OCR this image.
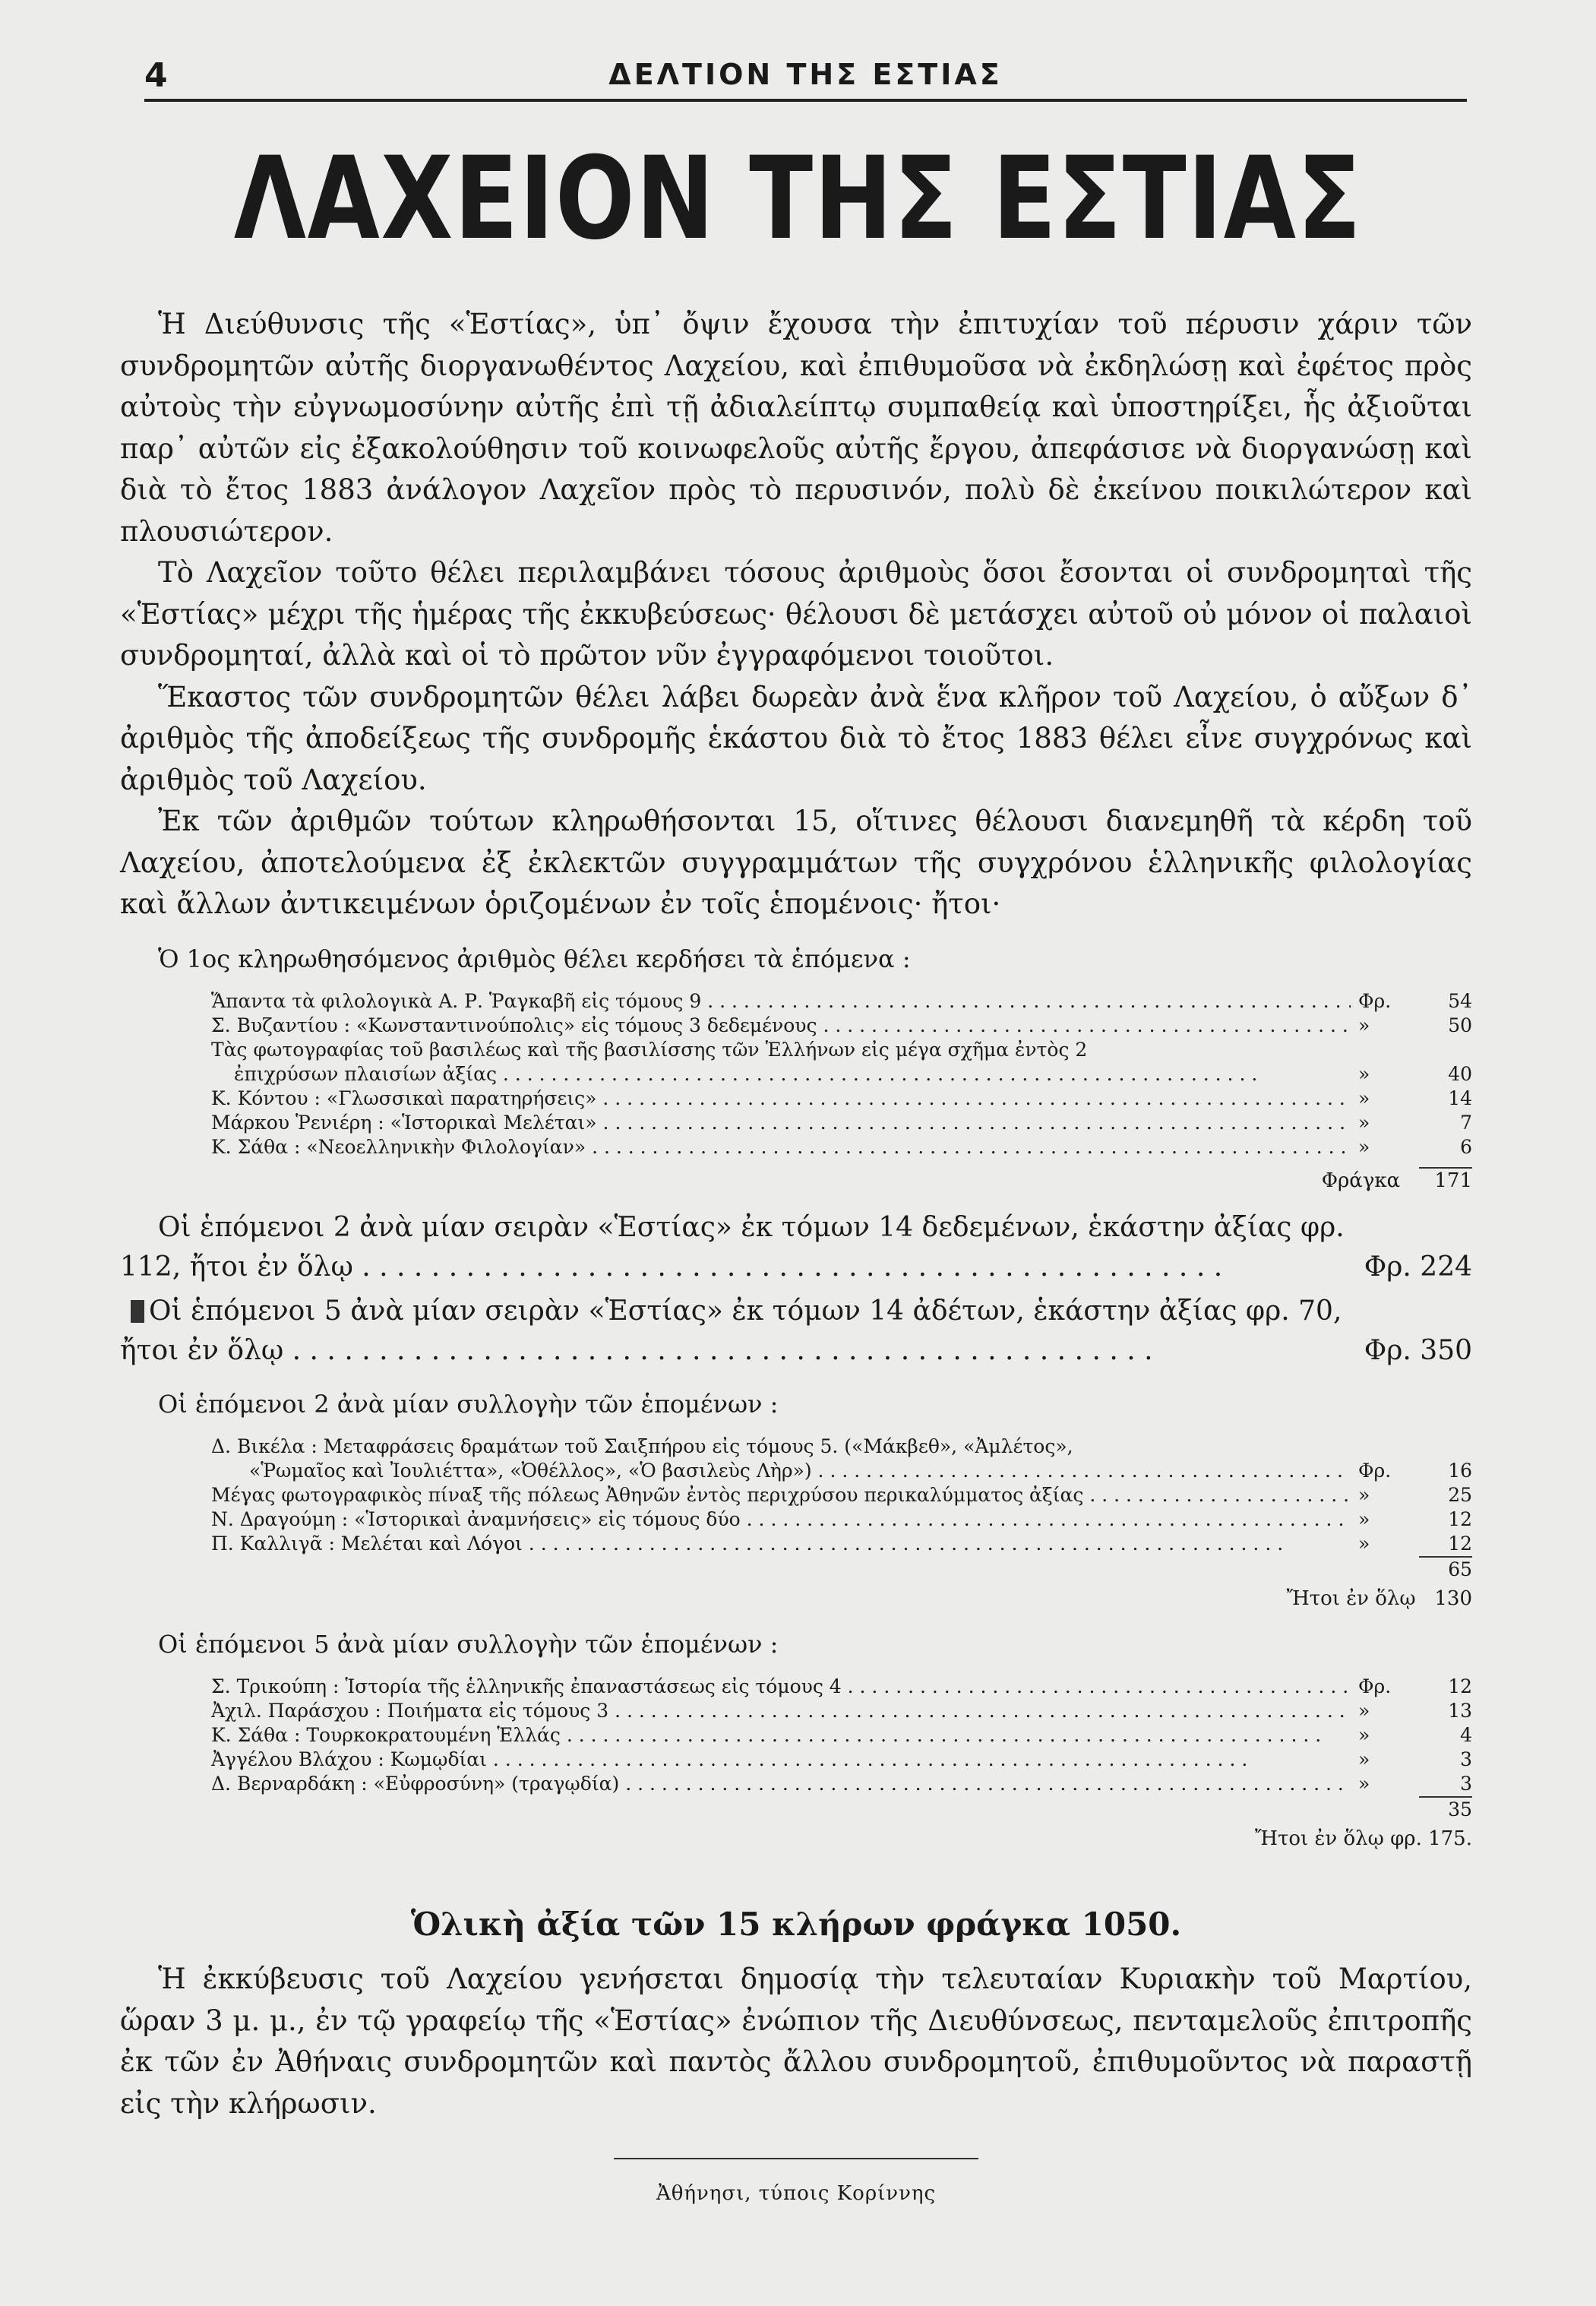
4	ΔΕΛΤΙΟΝ ΤΗΣ ΕΣΤΙΑΣ
ΛΑΧΕΙΟΝ ΤΗΣ ΕΣΤΙΑΣ

Ἡ Διεύθυνσις τῆς «Ἑστίας», ὑπ᾽ ὄψιν ἔχουσα τὴν ἐπιτυχίαν τοῦ πέρυσιν χάριν τῶν συνδρομητῶν αὐτῆς διοργανωθέντος Λαχείου, καὶ ἐπιθυμοῦσα νὰ ἐκδηλώσῃ καὶ ἐφέτος πρὸς αὐτοὺς τὴν εὐγνωμοσύνην αὐτῆς ἐπὶ τῇ ἀδιαλείπτῳ συμπαθείᾳ καὶ ὑποστηρίξει, ἧς ἀξιοῦται παρ᾽ αὐτῶν εἰς ἐξακολούθησιν τοῦ κοινωφελοῦς αὐτῆς ἔργου, ἀπεφάσισε νὰ διοργανώσῃ καὶ διὰ τὸ ἔτος 1883 ἀνάλογον Λαχεῖον πρὸς τὸ περυσινόν, πολὺ δὲ ἐκείνου ποικιλώτερον καὶ πλουσιώτερον.

Τὸ Λαχεῖον τοῦτο θέλει περιλαμβάνει τόσους ἀριθμοὺς ὅσοι ἔσονται οἱ συνδρομηταὶ τῆς «Ἑστίας» μέχρι τῆς ἡμέρας τῆς ἐκκυβεύσεως· θέλουσι δὲ μετάσχει αὐτοῦ οὐ μόνον οἱ παλαιοὶ συνδρομηταί, ἀλλὰ καὶ οἱ τὸ πρῶτον νῦν ἐγγραφόμενοι τοιοῦτοι.

Ἕκαστος τῶν συνδρομητῶν θέλει λάβει δωρεὰν ἀνὰ ἕνα κλῆρον τοῦ Λαχείου, ὁ αὔξων δ᾽ ἀριθμὸς τῆς ἀποδείξεως τῆς συνδρομῆς ἑκάστου διὰ τὸ ἔτος 1883 θέλει εἶνε συγχρόνως καὶ ἀριθμὸς τοῦ Λαχείου.

Ἐκ τῶν ἀριθμῶν τούτων κληρωθήσονται 15, οἵτινες θέλουσι διανεμηθῆ τὰ κέρδη τοῦ Λαχείου, ἀποτελούμενα ἐξ ἐκλεκτῶν συγγραμμάτων τῆς συγχρόνου ἑλληνικῆς φιλολογίας καὶ ἄλλων ἀντικειμένων ὁριζομένων ἐν τοῖς ἑπομένοις· ἤτοι·

Ὁ 1ος κληρωθησόμενος ἀριθμὸς θέλει κερδήσει τὰ ἑπόμενα :
Ἅπαντα τὰ φιλολογικὰ Α. Ρ. Ῥαγκαβῆ εἰς τόμους 9 . . .	Φρ.	54
Σ. Βυζαντίου : «Κωνσταντινούπολις» εἰς τόμους 3 δεδεμένους . . .	»	50
Τὰς φωτογραφίας τοῦ βασιλέως καὶ τῆς βασιλίσσης τῶν Ἑλλήνων εἰς μέγα σχῆμα ἐντὸς 2
ἐπιχρύσων πλαισίων ἀξίας . . .	»	40
Κ. Κόντου : «Γλωσσικαὶ παρατηρήσεις» . . .	»	14
Μάρκου Ῥενιέρη : «Ἱστορικαὶ Μελέται» . . .	»	7
Κ. Σάθα : «Νεοελληνικὴν Φιλολογίαν» . . .	»	6
Φράγκα 171
Οἱ ἑπόμενοι 2 ἀνὰ μίαν σειρὰν «Ἑστίας» ἐκ τόμων 14 δεδεμένων, ἑκάστην ἀξίας φρ.
112, ἤτοι ἐν ὅλῳ . . .	Φρ. 224
Οἱ ἑπόμενοι 5 ἀνὰ μίαν σειρὰν «Ἑστίας» ἐκ τόμων 14 ἀδέτων, ἑκάστην ἀξίας φρ. 70,
ἤτοι ἐν ὅλῳ . . .	Φρ. 350
Οἱ ἑπόμενοι 2 ἀνὰ μίαν συλλογὴν τῶν ἑπομένων :
Δ. Βικέλα : Μεταφράσεις δραμάτων τοῦ Σαιξπήρου εἰς τόμους 5. («Μάκβεθ», «Ἀμλέτος»,
«Ῥωμαῖος καὶ Ἰουλιέττα», «Ὀθέλλος», «Ὁ βασιλεὺς Λὴρ») . . .	Φρ.	16
Μέγας φωτογραφικὸς πίναξ τῆς πόλεως Ἀθηνῶν ἐντὸς περιχρύσου περικαλύμματος ἀξίας . . .	»	25
Ν. Δραγούμη : «Ἱστορικαὶ ἀναμνήσεις» εἰς τόμους δύο . . .	»	12
Π. Καλλιγᾶ : Μελέται καὶ Λόγοι . . .	»	12
65
Ἤτοι ἐν ὅλῳ 130
Οἱ ἑπόμενοι 5 ἀνὰ μίαν συλλογὴν τῶν ἑπομένων :
Σ. Τρικούπη : Ἱστορία τῆς ἑλληνικῆς ἐπαναστάσεως εἰς τόμους 4 . . .	Φρ.	12
Ἀχιλ. Παράσχου : Ποιήματα εἰς τόμους 3 . . .	»	13
Κ. Σάθα : Τουρκοκρατουμένη Ἑλλάς . . .	»	4
Ἀγγέλου Βλάχου : Κωμῳδίαι . . .	»	3
Δ. Βερναρδάκη : «Εὐφροσύνη» (τραγῳδία) . . .	»	3
35
Ἤτοι ἐν ὅλῳ φρ. 175.
Ὁλικὴ ἀξία τῶν 15 κλήρων φράγκα 1050.

Ἡ ἐκκύβευσις τοῦ Λαχείου γενήσεται δημοσίᾳ τὴν τελευταίαν Κυριακὴν τοῦ Μαρτίου, ὥραν 3 μ. μ., ἐν τῷ γραφείῳ τῆς «Ἑστίας» ἐνώπιον τῆς Διευθύνσεως, πενταμελοῦς ἐπιτροπῆς ἐκ τῶν ἐν Ἀθήναις συνδρομητῶν καὶ παντὸς ἄλλου συνδρομητοῦ, ἐπιθυμοῦντος νὰ παραστῇ εἰς τὴν κλήρωσιν.

Ἀθήνησι, τύποις Κορίννης
